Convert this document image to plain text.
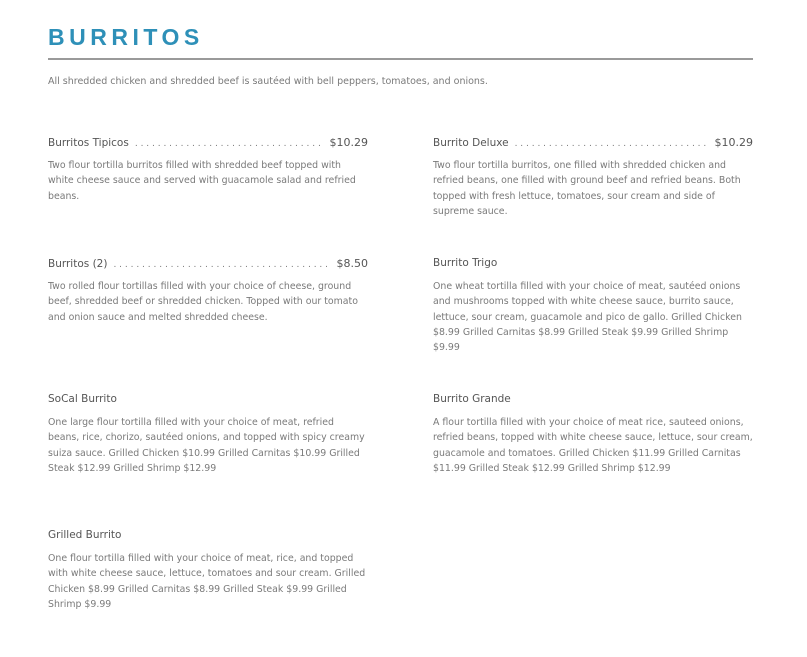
BURRITOS
All shredded chicken and shredded beef is sautéed with bell peppers, tomatoes, and onions.
Burritos Tipicos . . .	$10.29
Two flour tortilla burritos filled with shredded beef topped with white cheese sauce and served with guacamole salad and refried beans.
Burrito Deluxe . . .	$10.29
Two flour tortilla burritos, one filled with shredded chicken and refried beans, one filled with ground beef and refried beans. Both topped with fresh lettuce, tomatoes, sour cream and side of supreme sauce.
Burritos (2) . . .	$8.50
Two rolled flour tortillas filled with your choice of cheese, ground beef, shredded beef or shredded chicken. Topped with our tomato and onion sauce and melted shredded cheese.
Burrito Trigo
One wheat tortilla filled with your choice of meat, sautéed onions and mushrooms topped with white cheese sauce, burrito sauce, lettuce, sour cream, guacamole and pico de gallo. Grilled Chicken $8.99 Grilled Carnitas $8.99 Grilled Steak $9.99 Grilled Shrimp $9.99
SoCal Burrito
One large flour tortilla filled with your choice of meat, refried beans, rice, chorizo, sautéed onions, and topped with spicy creamy suiza sauce. Grilled Chicken $10.99 Grilled Carnitas $10.99 Grilled Steak $12.99 Grilled Shrimp $12.99
Burrito Grande
A flour tortilla filled with your choice of meat rice, sauteed onions, refried beans, topped with white cheese sauce, lettuce, sour cream, guacamole and tomatoes. Grilled Chicken $11.99 Grilled Carnitas $11.99 Grilled Steak $12.99 Grilled Shrimp $12.99
Grilled Burrito
One flour tortilla filled with your choice of meat, rice, and topped with white cheese sauce, lettuce, tomatoes and sour cream. Grilled Chicken $8.99 Grilled Carnitas $8.99 Grilled Steak $9.99 Grilled Shrimp $9.99
